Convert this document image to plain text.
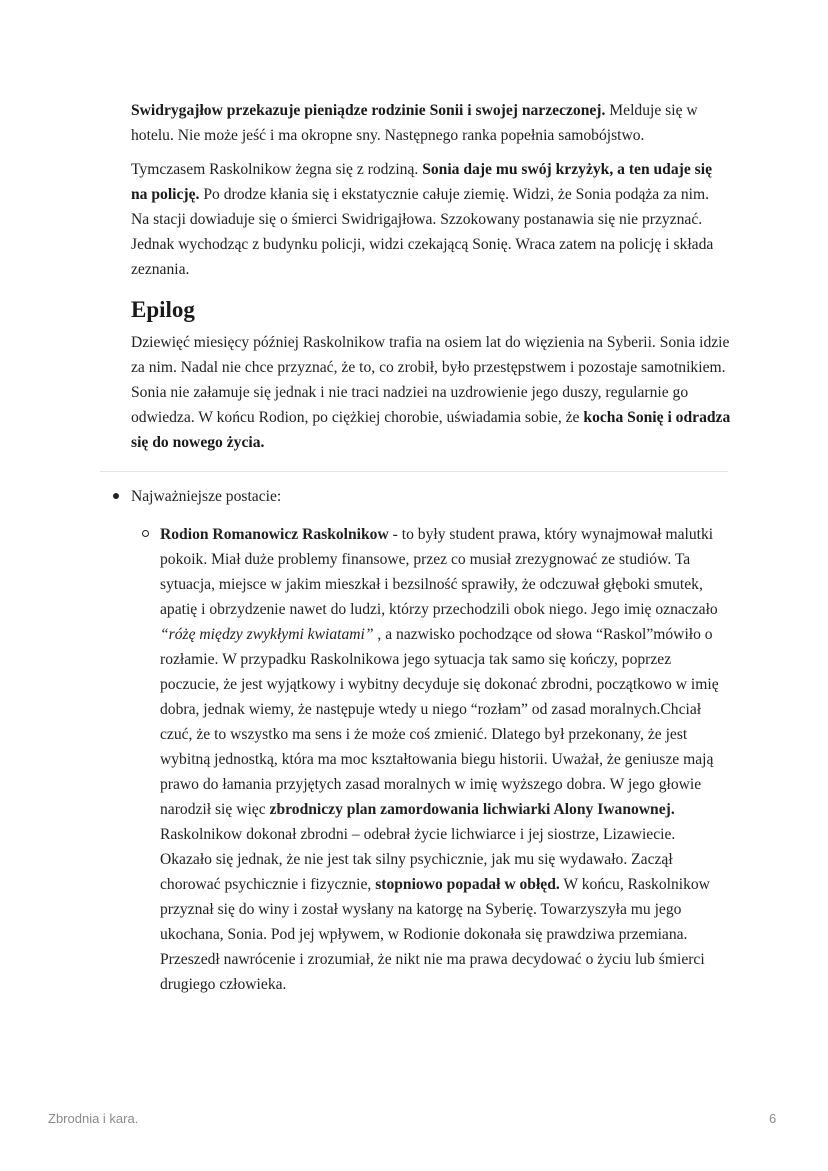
Swidrygajłow przekazuje pieniądze rodzinie Sonii i swojej narzeczonej. Melduje się w hotelu. Nie może jeść i ma okropne sny. Następnego ranka popełnia samobójstwo.

Tymczasem Raskolnikow żegna się z rodziną. Sonia daje mu swój krzyżyk, a ten udaje się na policję. Po drodze kłania się i ekstatycznie całuje ziemię. Widzi, że Sonia podąża za nim. Na stacji dowiaduje się o śmierci Swidrigajłowa. Szzokowany postanawia się nie przyznać. Jednak wychodząc z budynku policji, widzi czekającą Sonię. Wraca zatem na policję i składa zeznania.

Epilog

Dziewięć miesięcy później Raskolnikow trafia na osiem lat do więzienia na Syberii. Sonia idzie za nim. Nadal nie chce przyznać, że to, co zrobił, było przestępstwem i pozostaje samotnikiem. Sonia nie załamuje się jednak i nie traci nadziei na uzdrowienie jego duszy, regularnie go odwiedza. W końcu Rodion, po ciężkiej chorobie, uświadamia sobie, że kocha Sonię i odradza się do nowego życia.

Najważniejsze postacie:
Rodion Romanowicz Raskolnikow - to były student prawa, który wynajmował malutki pokoik. Miał duże problemy finansowe, przez co musiał zrezygnować ze studiów. Ta sytuacja, miejsce w jakim mieszkał i bezsilność sprawiły, że odczuwał głęboki smutek, apatię i obrzydzenie nawet do ludzi, którzy przechodzili obok niego. Jego imię oznaczało “różę między zwykłymi kwiatami” , a nazwisko pochodzące od słowa “Raskol”mówiło o rozłamie. W przypadku Raskolnikowa jego sytuacja tak samo się kończy, poprzez poczucie, że jest wyjątkowy i wybitny decyduje się dokonać zbrodni, początkowo w imię dobra, jednak wiemy, że następuje wtedy u niego “rozłam” od zasad moralnych.Chciał czuć, że to wszystko ma sens i że może coś zmienić. Dlatego był przekonany, że jest wybitną jednostką, która ma moc kształtowania biegu historii. Uważał, że geniusze mają prawo do łamania przyjętych zasad moralnych w imię wyższego dobra. W jego głowie narodził się więc zbrodniczy plan zamordowania lichwiarki Alony Iwanownej. Raskolnikow dokonał zbrodni – odebrał życie lichwiarce i jej siostrze, Lizawiecie. Okazało się jednak, że nie jest tak silny psychicznie, jak mu się wydawało. Zaczął chorować psychicznie i fizycznie, stopniowo popadał w obłęd. W końcu, Raskolnikow przyznał się do winy i został wysłany na katorgę na Syberię. Towarzyszyła mu jego ukochana, Sonia. Pod jej wpływem, w Rodionie dokonała się prawdziwa przemiana. Przeszedł nawrócenie i zrozumiał, że nikt nie ma prawa decydować o życiu lub śmierci drugiego człowieka.
Zbrodnia i kara.	6
